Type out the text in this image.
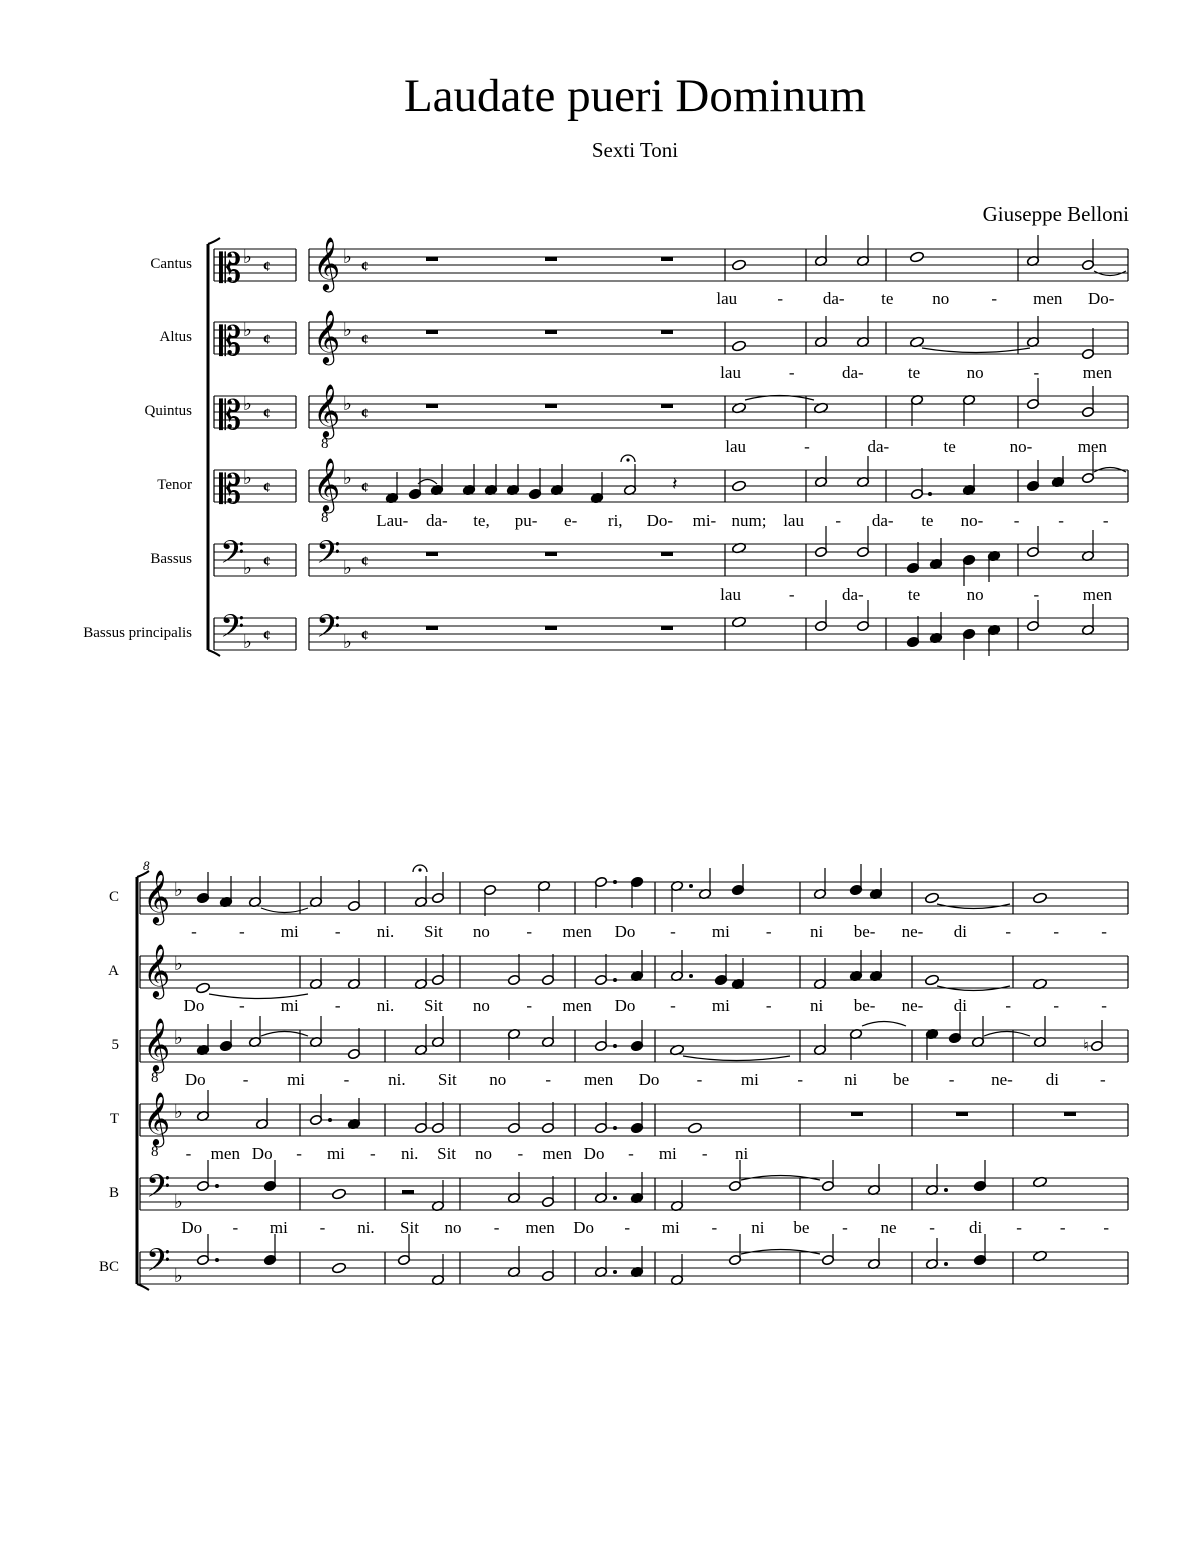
Laudate pueri Dominum
Sexti Toni
Giuseppe Belloni
Cantus 𝄡 ♭ ¢ 𝄞 ♭ ¢
Altus 𝄡 ♭ ¢ 𝄞 ♭ ¢
Quintus 𝄡 ♭ ¢ 𝄞
8
♭ ¢
Tenor 𝄡 ♭ ¢ 𝄞
8
♭ ¢
Bassus 𝄢
♭ ¢ 𝄢 ♭ ¢
Bassus principalis 𝄢
♭ ¢ 𝄢 ♭ ¢
𝄽
lau - da- te no - men Do-
lau	-	da-	te	no	-	men
lau	-	da-	te	no-	men
Lau- da- te, pu- e- ri, Do- mi- num; lau - da- te no- - - -
lau	-	da-	te	no	-	men
8
C 𝄞 ♭
A 𝄞 ♭
5 𝄞
8
♭
T 𝄞
8
♭
B 𝄢 ♭
BC 𝄢 ♭
♮
- - mi - ni. Sit no - men Do - mi - ni be- ne- di - - -
Do - mi - ni. Sit no - men Do - mi - ni be- ne- di - - -
Do - mi - ni. Sit no - men Do - mi - ni be - ne- di -
- men Do - mi - ni. Sit no - men Do - mi - ni
Do - mi - ni. Sit no - men Do - mi - ni be - ne - di - - -
